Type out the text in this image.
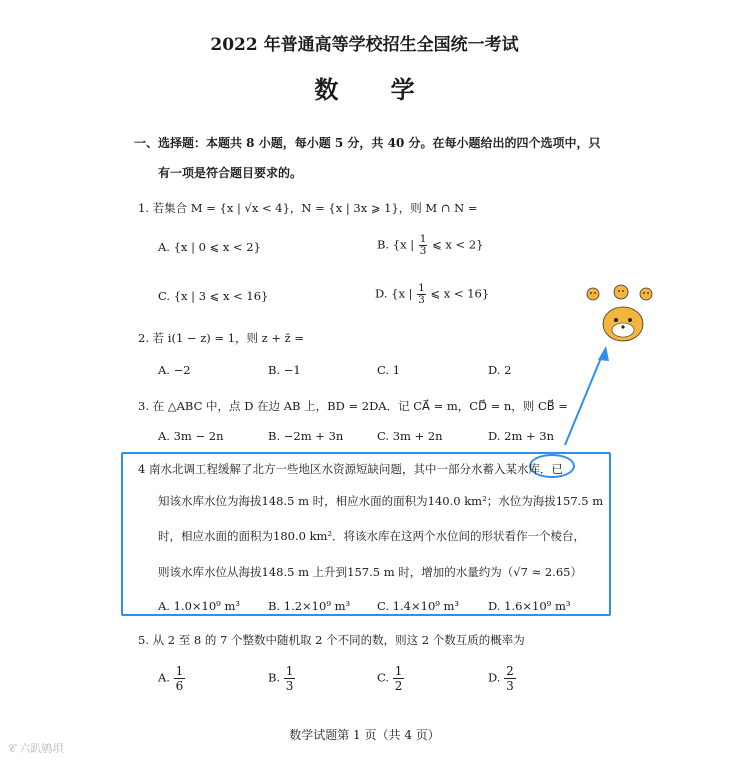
2022 年普通高等学校招生全国统一考试
数 学
一、选择题：本题共 8 小题，每小题 5 分，共 40 分。在每小题给出的四个选项中，只
有一项是符合题目要求的。
1. 若集合 M = {x | √x < 4}，N = {x | 3x ⩾ 1}，则 M ∩ N =
A. {x | 0 ⩽ x < 2}	B. {x | $\frac{1}{3}$ ⩽ x < 2}
C. {x | 3 ⩽ x < 16}	D. {x | $\frac{1}{3}$ ⩽ x < 16}
2. 若 i(1 − z) = 1，则 z + z̄ =
A. −2	B. −1	C. 1	D. 2
3. 在 △ABC 中，点 D 在边 AB 上，BD = 2DA．记 CA⃗ = m，CD⃗ = n，则 CB⃗ =
A. 3m − 2n	B. −2m + 3n	C. 3m + 2n	D. 2m + 3n
4 南水北调工程缓解了北方一些地区水资源短缺问题，其中一部分水蓄入某水库．已
知该水库水位为海拔148.5 m 时，相应水面的面积为140.0 km²；水位为海拔157.5 m
时，相应水面的面积为180.0 km²．将该水库在这两个水位间的形状看作一个棱台，
则该水库水位从海拔148.5 m 上升到157.5 m 时，增加的水量约为（√7 ≈ 2.65）
A. 1.0×10⁹ m³ B. 1.2×10⁹ m³ C. 1.4×10⁹ m³	D. 1.6×10⁹ m³
5. 从 2 至 8 的 7 个整数中随机取 2 个不同的数，则这 2 个数互质的概率为
A. $\frac{1}{6}$	B. $\frac{1}{3}$	C. $\frac{1}{2}$	D. $\frac{2}{3}$
数学试题第 1 页（共 4 页）
𝒞 六趴鸲垻
